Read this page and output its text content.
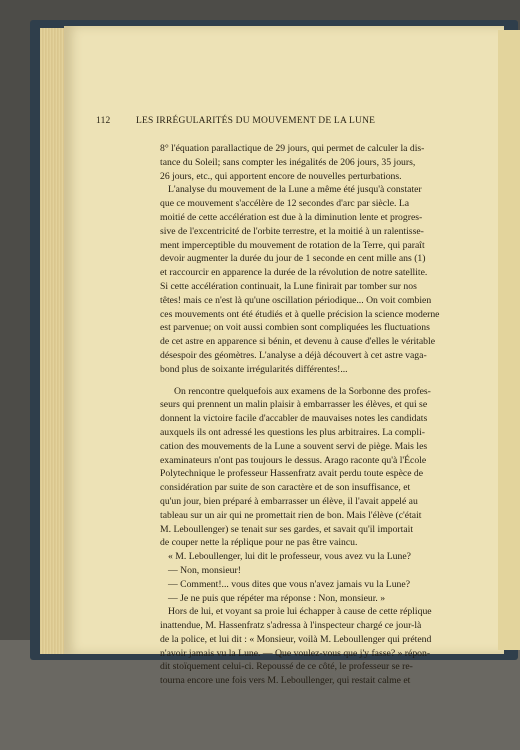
112	LES IRRÉGULARITÉS DU MOUVEMENT DE LA LUNE
8° l'équation parallactique de 29 jours, qui permet de calculer la dis-
tance du Soleil; sans compter les inégalités de 206 jours, 35 jours,
26 jours, etc., qui apportent encore de nouvelles perturbations.
L'analyse du mouvement de la Lune a même été jusqu'à constater
que ce mouvement s'accélère de 12 secondes d'arc par siècle. La
moitié de cette accélération est due à la diminution lente et progres-
sive de l'excentricité de l'orbite terrestre, et la moitié à un ralentisse-
ment imperceptible du mouvement de rotation de la Terre, qui paraît
devoir augmenter la durée du jour de 1 seconde en cent mille ans (1)
et raccourcir en apparence la durée de la révolution de notre satellite.
Si cette accélération continuait, la Lune finirait par tomber sur nos
têtes! mais ce n'est là qu'une oscillation périodique... On voit combien
ces mouvements ont été étudiés et à quelle précision la science moderne
est parvenue; on voit aussi combien sont compliquées les fluctuations
de cet astre en apparence si bénin, et devenu à cause d'elles le véritable
désespoir des géomètres. L'analyse a déjà découvert à cet astre vaga-
bond plus de soixante irrégularités différentes!...
On rencontre quelquefois aux examens de la Sorbonne des profes-
seurs qui prennent un malin plaisir à embarrasser les élèves, et qui se
donnent la victoire facile d'accabler de mauvaises notes les candidats
auxquels ils ont adressé les questions les plus arbitraires. La compli-
cation des mouvements de la Lune a souvent servi de piège. Mais les
examinateurs n'ont pas toujours le dessus. Arago raconte qu'à l'École
Polytechnique le professeur Hassenfratz avait perdu toute espèce de
considération par suite de son caractère et de son insuffisance, et
qu'un jour, bien préparé à embarrasser un élève, il l'avait appelé au
tableau sur un air qui ne promettait rien de bon. Mais l'élève (c'était
M. Leboullenger) se tenait sur ses gardes, et savait qu'il importait
de couper nette la réplique pour ne pas être vaincu.
« M. Leboullenger, lui dit le professeur, vous avez vu la Lune?
— Non, monsieur!
— Comment!... vous dites que vous n'avez jamais vu la Lune?
— Je ne puis que répéter ma réponse : Non, monsieur. »
Hors de lui, et voyant sa proie lui échapper à cause de cette réplique
inattendue, M. Hassenfratz s'adressa à l'inspecteur chargé ce jour-là
de la police, et lui dit : « Monsieur, voilà M. Leboullenger qui prétend
n'avoir jamais vu la Lune. — Que voulez-vous que j'y fasse? » répon-
dit stoïquement celui-ci. Repoussé de ce côté, le professeur se re-
tourna encore une fois vers M. Leboullenger, qui restait calme et
